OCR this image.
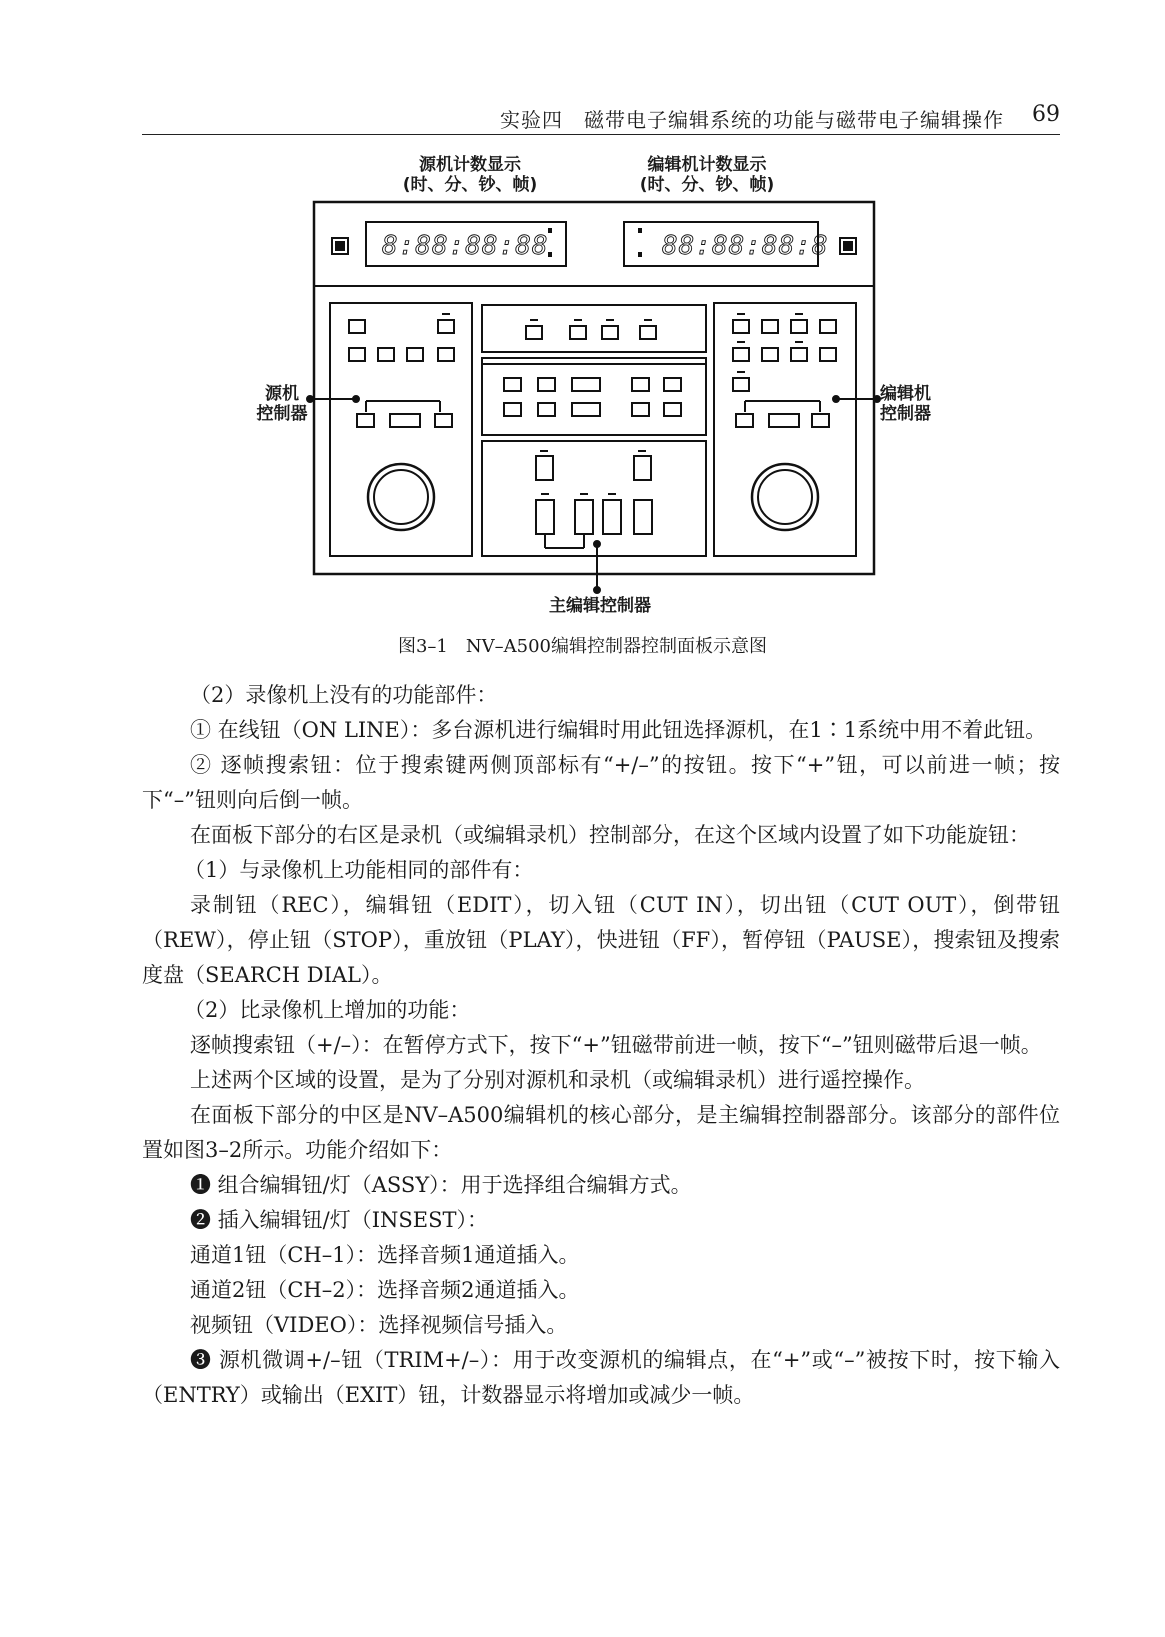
实验四　磁带电子编辑系统的功能与磁带电子编辑操作 69
源机计数显示
(时、分、钞、帧)
编辑机计数显示
(时、分、钞、帧)
源机
控制器
编辑机
控制器
主编辑控制器
8:88:88:88	88:88:88:8
图3–1　NV–A500编辑控制器控制面板示意图

（2）录像机上没有的功能部件：

① 在线钮（ON LINE）：多台源机进行编辑时用此钮选择源机，在1∶1系统中用不着此钮。

② 逐帧搜索钮：位于搜索键两侧顶部标有“+/–”的按钮。按下“+”钮，可以前进一帧；按下“–”钮则向后倒一帧。

在面板下部分的右区是录机（或编辑录机）控制部分，在这个区域内设置了如下功能旋钮：

（1）与录像机上功能相同的部件有：

录制钮（REC），编辑钮（EDIT），切入钮（CUT IN），切出钮（CUT OUT），倒带钮（REW），停止钮（STOP），重放钮（PLAY），快进钮（FF），暂停钮（PAUSE），搜索钮及搜索度盘（SEARCH DIAL）。

（2）比录像机上增加的功能：

逐帧搜索钮（+/–）：在暂停方式下，按下“+”钮磁带前进一帧，按下“–”钮则磁带后退一帧。

上述两个区域的设置，是为了分别对源机和录机（或编辑录机）进行遥控操作。

在面板下部分的中区是NV–A500编辑机的核心部分，是主编辑控制器部分。该部分的部件位置如图3–2所示。功能介绍如下：

❶ 组合编辑钮/灯（ASSY）：用于选择组合编辑方式。

❷ 插入编辑钮/灯（INSEST）：

通道1钮（CH–1）：选择音频1通道插入。

通道2钮（CH–2）：选择音频2通道插入。

视频钮（VIDEO）：选择视频信号插入。

❸ 源机微调+/–钮（TRIM+/–）：用于改变源机的编辑点，在“+”或“–”被按下时，按下输入（ENTRY）或输出（EXIT）钮，计数器显示将增加或减少一帧。
